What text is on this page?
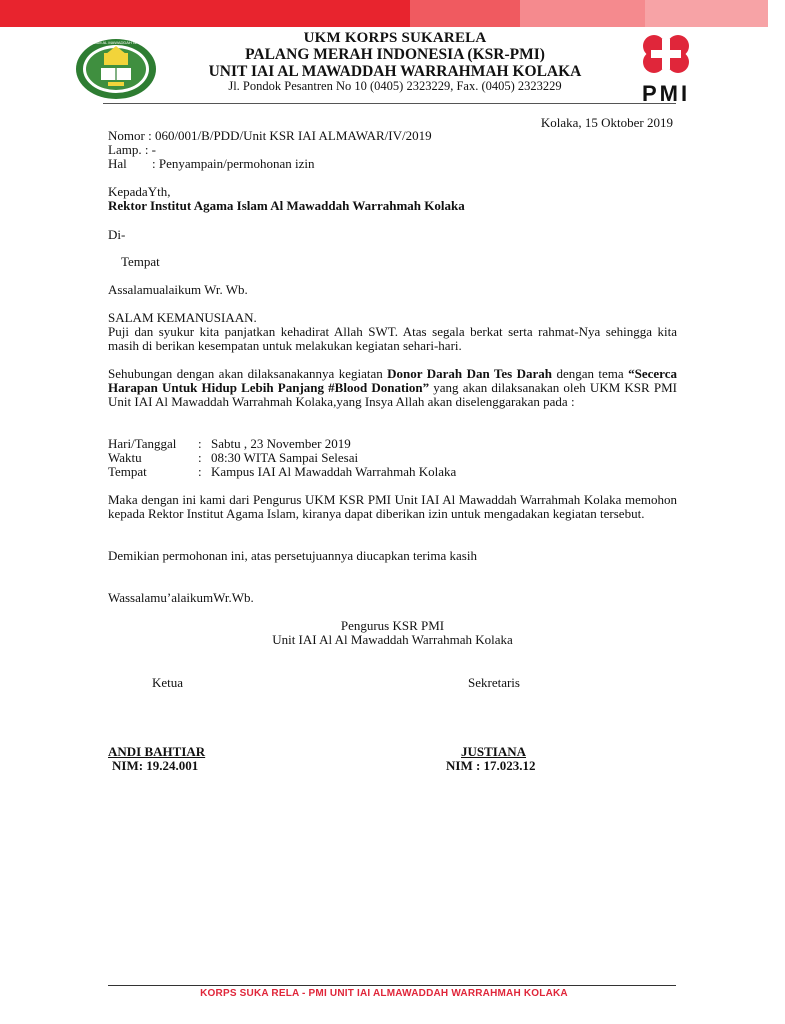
INSTITUT AGAMA ISLAM AL MAWADDAH WARRAHMAH KOLAKA	UKM KORPS SUKARELA
PALANG MERAH INDONESIA (KSR-PMI)
UNIT IAI AL MAWADDAH WARRAHMAH KOLAKA
Jl. Pondok Pesantren No 10 (0405) 2323229, Fax. (0405) 2323229	PMI
Kolaka, 15 Oktober 2019
Nomor : 060/001/B/PDD/Unit KSR IAI ALMAWAR/IV/2019
Lamp. : -
Hal : Penyampain/permohonan izin
KepadaYth,
Rektor Institut Agama Islam Al Mawaddah Warrahmah Kolaka
Di-
Tempat
Assalamualaikum Wr. Wb.
SALAM KEMANUSIAAN.
Puji dan syukur kita panjatkan kehadirat Allah SWT. Atas segala berkat serta rahmat-Nya sehingga kita masih di berikan kesempatan untuk melakukan kegiatan sehari-hari.
Sehubungan dengan akan dilaksanakannya kegiatan Donor Darah Dan Tes Darah dengan tema “Secerca Harapan Untuk Hidup Lebih Panjang #Blood Donation” yang akan dilaksanakan oleh UKM KSR PMI Unit IAI Al Mawaddah Warrahmah Kolaka,yang Insya Allah akan diselenggarakan pada :
Hari/Tanggal : Sabtu , 23 November 2019
Waktu	: 08:30 WITA Sampai Selesai
Tempat	: Kampus IAI Al Mawaddah Warrahmah Kolaka
Maka dengan ini kami dari Pengurus UKM KSR PMI Unit IAI Al Mawaddah Warrahmah Kolaka memohon kepada Rektor Institut Agama Islam, kiranya dapat diberikan izin untuk mengadakan kegiatan tersebut.
Demikian permohonan ini, atas persetujuannya diucapkan terima kasih
Wassalamu’alaikumWr.Wb.
Pengurus KSR PMI
Unit IAI Al Al Mawaddah Warrahmah Kolaka
Ketua	Sekretaris
ANDI BAHTIAR
NIM: 19.24.001
JUSTIANA
NIM : 17.023.12
KORPS SUKA RELA - PMI UNIT IAI ALMAWADDAH WARRAHMAH KOLAKA
